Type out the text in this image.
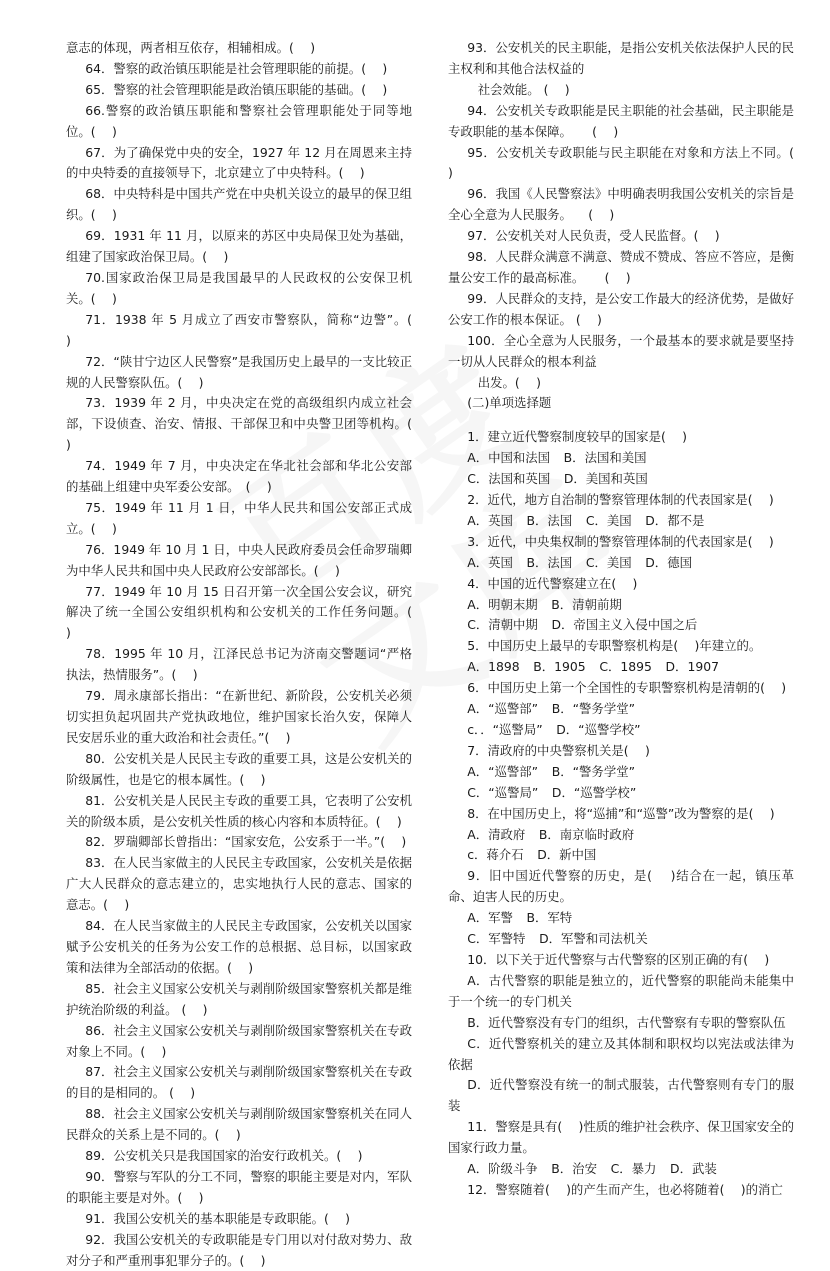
意志的体现，两者相互依存，相辅相成。( 　)
64．警察的政治镇压职能是社会管理职能的前提。(　 )
65．警察的社会管理职能是政治镇压职能的基础。(　 )
66.警察的政治镇压职能和警察社会管理职能处于同等地位。(　 )
67．为了确保党中央的安全，1927 年 12 月在周恩来主持的中央特委的直接领导下，北京建立了中央特科。(　 )
68．中央特科是中国共产党在中央机关设立的最早的保卫组织。(　 )
69．1931 年 11 月，以原来的苏区中央局保卫处为基础，组建了国家政治保卫局。(　 )
70.国家政治保卫局是我国最早的人民政权的公安保卫机关。(　 )
71．1938 年 5 月成立了西安市警察队，简称“边警”。(　 )
72．“陕甘宁边区人民警察”是我国历史上最早的一支比较正规的人民警察队伍。(　 )
73．1939 年 2 月，中央决定在党的高级组织内成立社会部，下设侦查、治安、情报、干部保卫和中央警卫团等机构。(　 )
74．1949 年 7 月，中央决定在华北社会部和华北公安部的基础上组建中央军委公安部。　(　 )
75．1949 年 11 月 1 日，中华人民共和国公安部正式成立。(　 )
76．1949 年 10 月 1 日，中央人民政府委员会任命罗瑞卿为中华人民共和国中央人民政府公安部部长。(　 )
77．1949 年 10 月 15 日召开第一次全国公安会议，研究解决了统一全国公安组织机构和公安机关的工作任务问题。(　 )
78．1995 年 10 月，江泽民总书记为济南交警题词“严格执法，热情服务”。(　 )
79．周永康部长指出：“在新世纪、新阶段，公安机关必须切实担负起巩固共产党执政地位，维护国家长治久安，保障人民安居乐业的重大政治和社会责任。”(　 )
80．公安机关是人民民主专政的重要工具，这是公安机关的阶级属性，也是它的根本属性。(　 )
81．公安机关是人民民主专政的重要工具，它表明了公安机关的阶级本质，是公安机关性质的核心内容和本质特征。(　 )
82．罗瑞卿部长曾指出：“国家安危，公安系于一半。”(　 )
83．在人民当家做主的人民民主专政国家，公安机关是依据广大人民群众的意志建立的，忠实地执行人民的意志、国家的意志。(　 )
84．在人民当家做主的人民民主专政国家，公安机关以国家赋予公安机关的任务为公安工作的总根据、总目标，以国家政策和法律为全部活动的依据。(　 )
85．社会主义国家公安机关与剥削阶级国家警察机关都是维护统治阶级的利益。 (　 )
86．社会主义国家公安机关与剥削阶级国家警察机关在专政对象上不同。(　 )
87．社会主义国家公安机关与剥削阶级国家警察机关在专政的目的是相同的。 (　 )
88．社会主义国家公安机关与剥削阶级国家警察机关在同人民群众的关系上是不同的。(　 )
89．公安机关只是我国国家的治安行政机关。(　 )
90．警察与军队的分工不同，警察的职能主要是对内，军队的职能主要是对外。(　 )
91．我国公安机关的基本职能是专政职能。(　 )
92．我国公安机关的专政职能是专门用以对付敌对势力、敌对分子和严重刑事犯罪分子的。(　 )
93．公安机关的民主职能，是指公安机关依法保护人民的民主权利和其他合法权益的
社会效能。 (　 )
94．公安机关专政职能是民主职能的社会基础，民主职能是专政职能的基本保障。 　 (　 )
95．公安机关专政职能与民主职能在对象和方法上不同。(　 )
96．我国《人民警察法》中明确表明我国公安机关的宗旨是全心全意为人民服务。 　(　 )
97．公安机关对人民负责，受人民监督。(　 )
98．人民群众满意不满意、赞成不赞成、答应不答应，是衡量公安工作的最高标准。 　 (　 )
99．人民群众的支持，是公安工作最大的经济优势，是做好公安工作的根本保证。 (　 )
100．全心全意为人民服务，一个最基本的要求就是要坚持一切从人民群众的根本利益
出发。(　 )
(二)单项选择题
1．建立近代警察制度较早的国家是(　 )
A．中国和法国 B．法国和美国
C．法国和英国 D．美国和英国
2．近代，地方自治制的警察管理体制的代表国家是(　 )
A．英国 B．法国 C．美国 D．都不是
3．近代，中央集权制的警察管理体制的代表国家是(　 )
A．英国 B．法国 C．美国 D．德国
4．中国的近代警察建立在(　 )
A．明朝末期 B．清朝前期
C．清朝中期 D．帝国主义入侵中国之后
5．中国历史上最早的专职警察机构是(　 )年建立的。
A．1898 B．1905 C．1895 D．1907
6．中国历史上第一个全国性的专职警察机构是清朝的(　 )
A．“巡警部” B．“警务学堂”
c．．“巡警局” D．“巡警学校”
7．清政府的中央警察机关是(　 )
A．“巡警部” B．“警务学堂”
C．“巡警局” D．“巡警学校”
8．在中国历史上，将“巡捕”和“巡警”改为警察的是(　 )
A．清政府 B．南京临时政府
c．蒋介石 D．新中国
9．旧中国近代警察的历史，是(　 )结合在一起，镇压革命、迫害人民的历史。
A．军警 B．军特
C．军警特 D．军警和司法机关
10．以下关于近代警察与古代警察的区别正确的有(　 )
A．古代警察的职能是独立的，近代警察的职能尚未能集中于一个统一的专门机关
B．近代警察没有专门的组织，古代警察有专职的警察队伍
C．近代警察机关的建立及其体制和职权均以宪法或法律为依据
D．近代警察没有统一的制式服装，古代警察则有专门的服装
11．警察是具有(　 )性质的维护社会秩序、保卫国家安全的国家行政力量。
A．阶级斗争 B．治安 C．暴力 D．武装
12．警察随着(　 )的产生而产生，也必将随着(　 )的消亡
